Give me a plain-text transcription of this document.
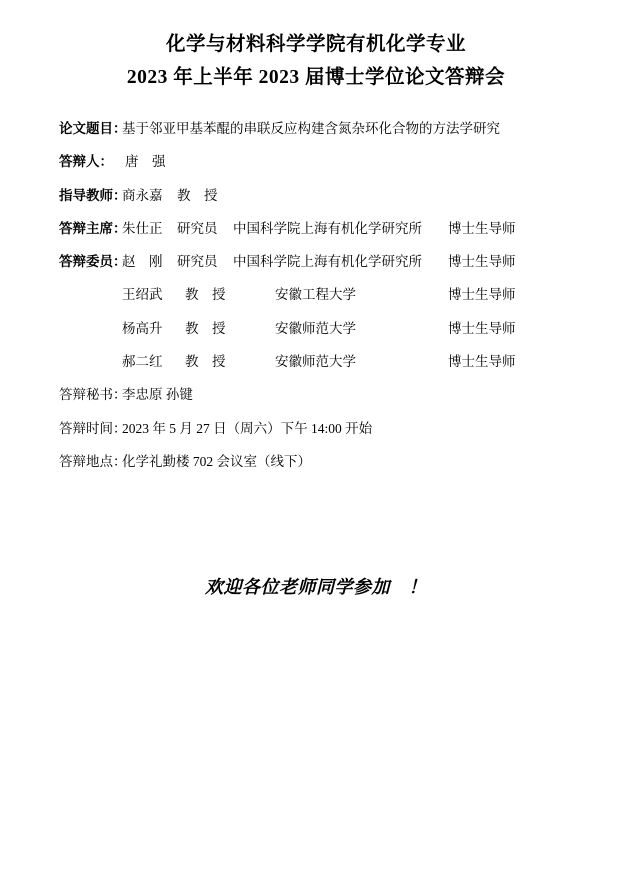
化学与材料科学学院有机化学专业
2023 年上半年 2023 届博士学位论文答辩会
论文题目：
基于邻亚甲基苯醌的串联反应构建含氮杂环化合物的方法学研究
答辩人： 唐　强
指导教师：
商永嘉 教　授
答辩主席：
朱仕正 研究员 中国科学院上海有机化学研究所 博士生导师
答辩委员：
赵　刚 研究员 中国科学院上海有机化学研究所 博士生导师
王绍武 教　授	安徽工程大学	博士生导师
杨高升 教　授	安徽师范大学	博士生导师
郝二红 教　授	安徽师范大学	博士生导师
答辩秘书：
李忠原 孙键
答辩时间：
2023 年 5 月 27 日（周六）下午 14:00 开始
答辩地点：
化学礼勤楼 702 会议室（线下）
欢迎各位老师同学参加　！
